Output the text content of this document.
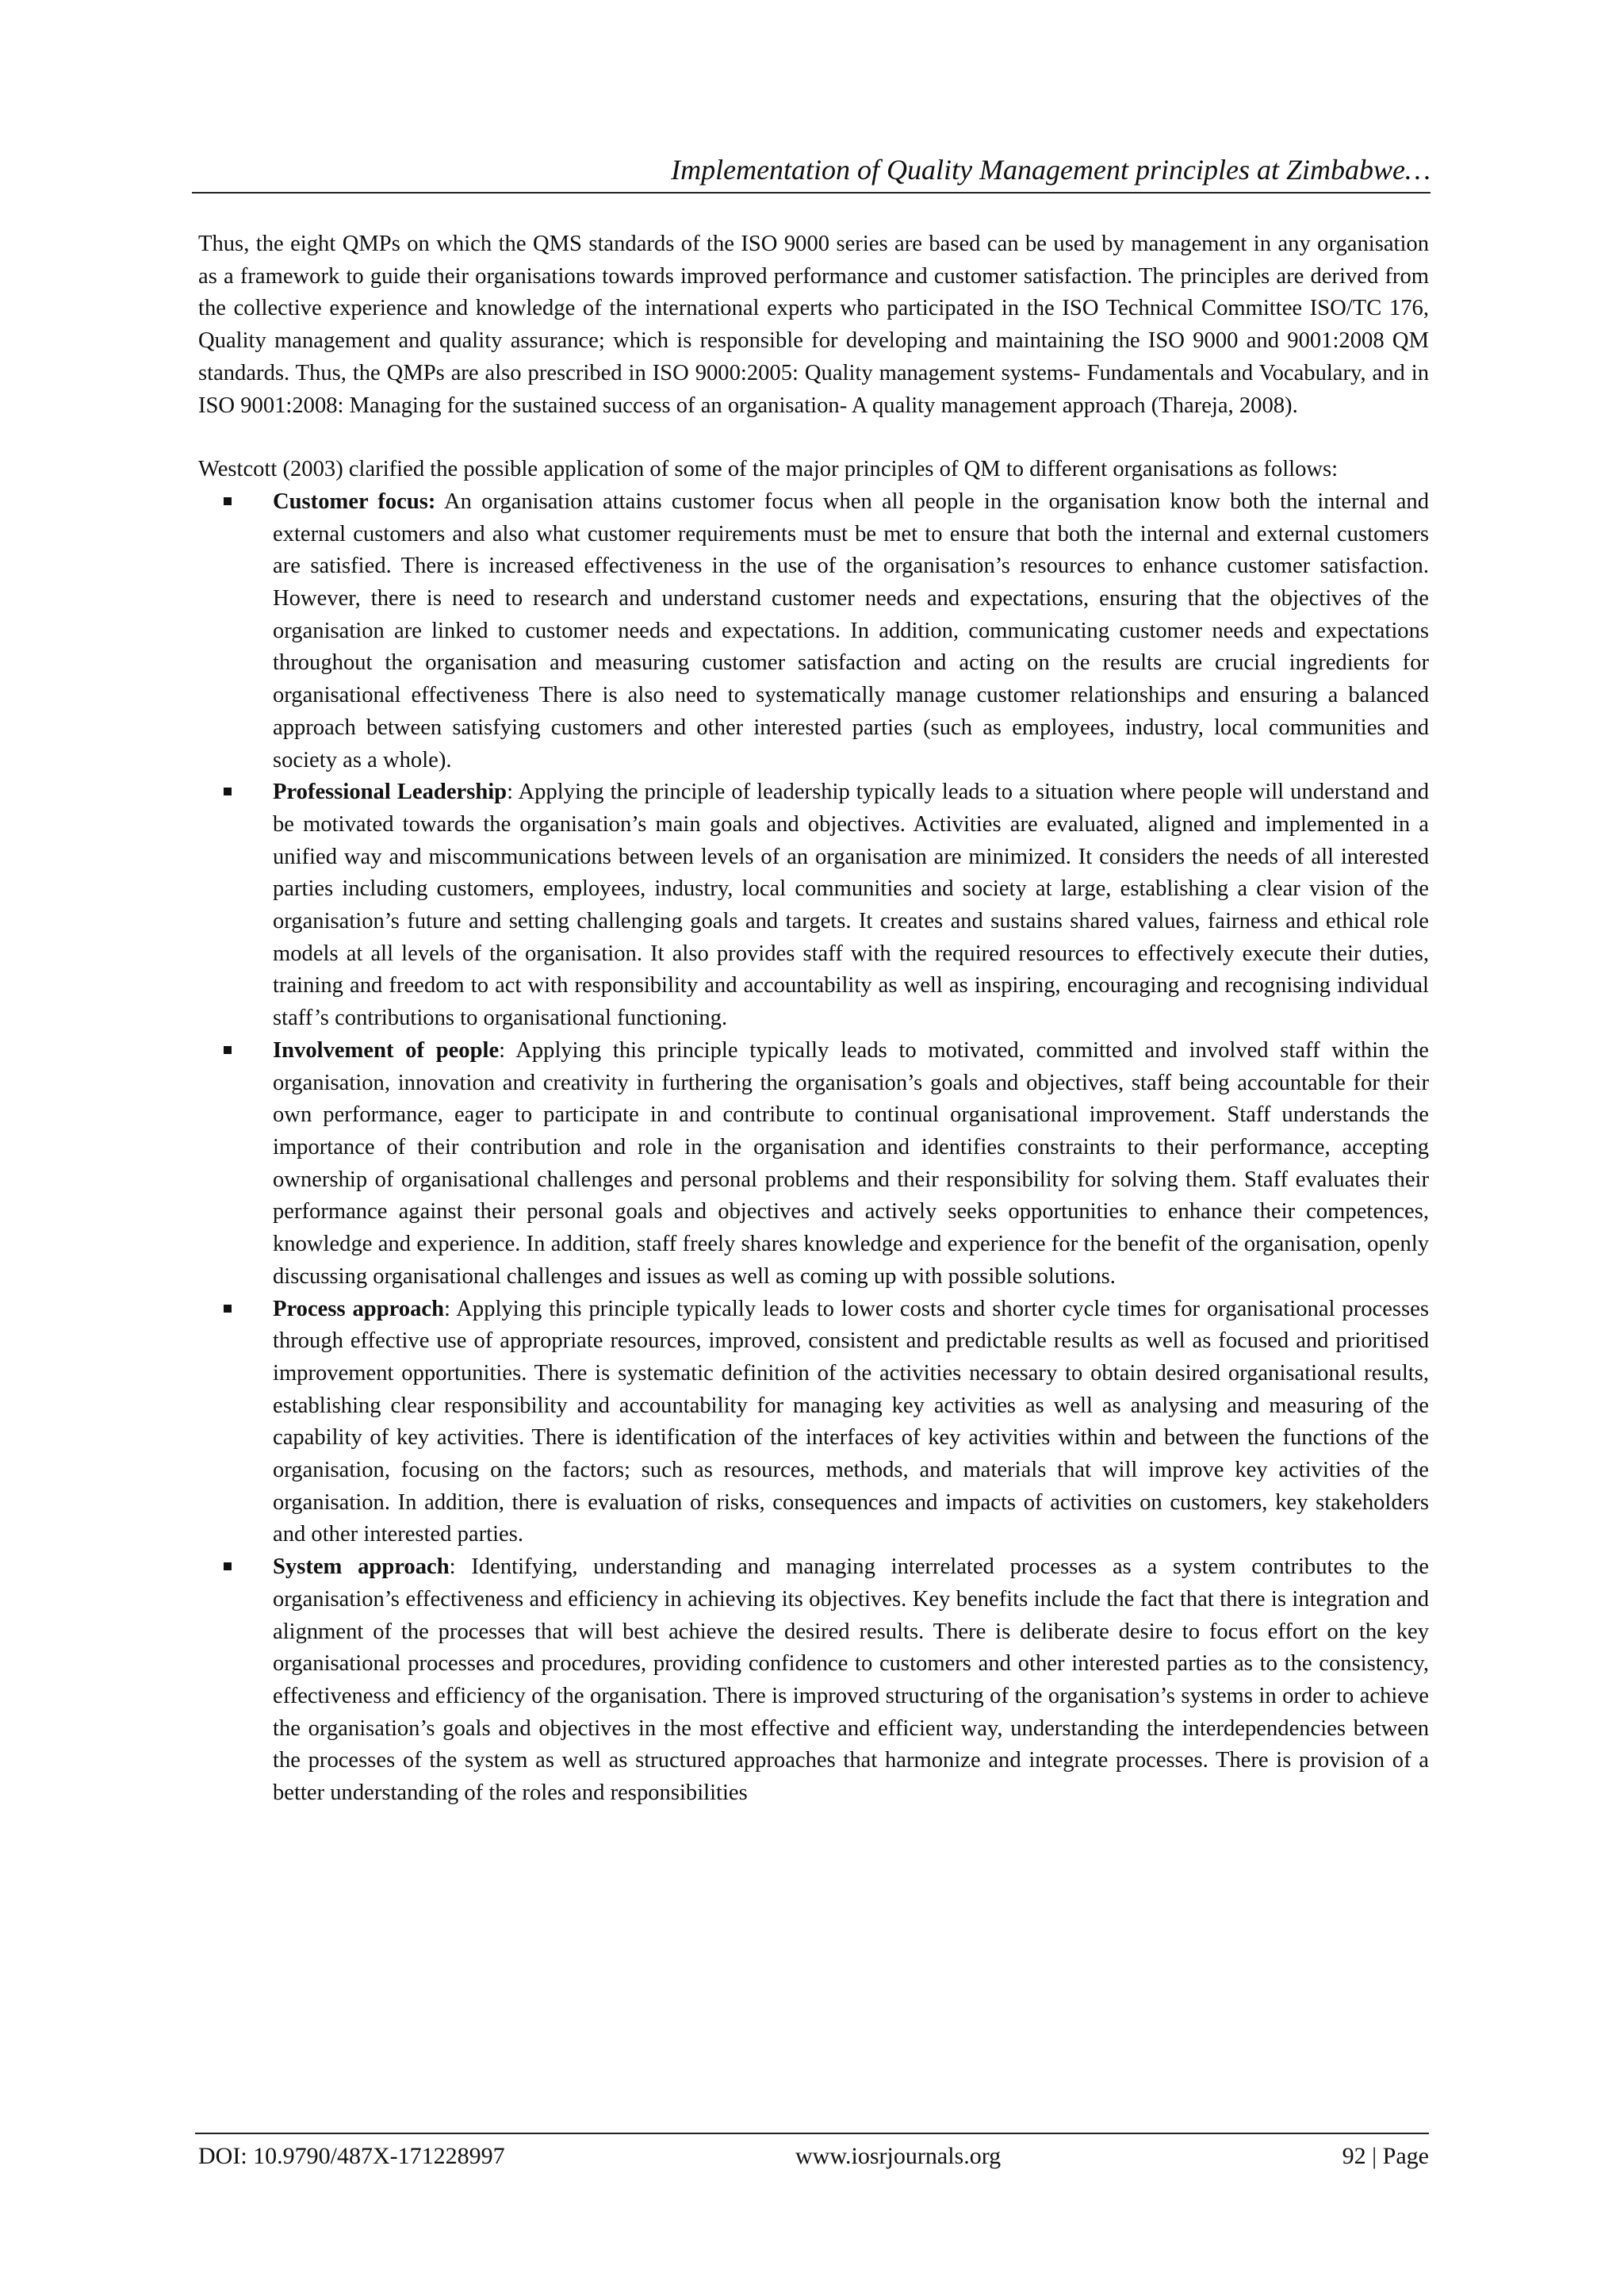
Implementation of Quality Management principles at Zimbabwe…

Thus, the eight QMPs on which the QMS standards of the ISO 9000 series are based can be used by management in any organisation as a framework to guide their organisations towards improved performance and customer satisfaction. The principles are derived from the collective experience and knowledge of the international experts who participated in the ISO Technical Committee ISO/TC 176, Quality management and quality assurance; which is responsible for developing and maintaining the ISO 9000 and 9001:2008 QM standards. Thus, the QMPs are also prescribed in ISO 9000:2005: Quality management systems- Fundamentals and Vocabulary, and in ISO 9001:2008: Managing for the sustained success of an organisation- A quality management approach (Thareja, 2008).

Westcott (2003) clarified the possible application of some of the major principles of QM to different organisations as follows:

Customer focus: An organisation attains customer focus when all people in the organisation know both the internal and external customers and also what customer requirements must be met to ensure that both the internal and external customers are satisfied. There is increased effectiveness in the use of the organisation’s resources to enhance customer satisfaction. However, there is need to research and understand customer needs and expectations, ensuring that the objectives of the organisation are linked to customer needs and expectations. In addition, communicating customer needs and expectations throughout the organisation and measuring customer satisfaction and acting on the results are crucial ingredients for organisational effectiveness There is also need to systematically manage customer relationships and ensuring a balanced approach between satisfying customers and other interested parties (such as employees, industry, local communities and society as a whole).
Professional Leadership: Applying the principle of leadership typically leads to a situation where people will understand and be motivated towards the organisation’s main goals and objectives. Activities are evaluated, aligned and implemented in a unified way and miscommunications between levels of an organisation are minimized. It considers the needs of all interested parties including customers, employees, industry, local communities and society at large, establishing a clear vision of the organisation’s future and setting challenging goals and targets. It creates and sustains shared values, fairness and ethical role models at all levels of the organisation. It also provides staff with the required resources to effectively execute their duties, training and freedom to act with responsibility and accountability as well as inspiring, encouraging and recognising individual staff’s contributions to organisational functioning.
Involvement of people: Applying this principle typically leads to motivated, committed and involved staff within the organisation, innovation and creativity in furthering the organisation’s goals and objectives, staff being accountable for their own performance, eager to participate in and contribute to continual organisational improvement. Staff understands the importance of their contribution and role in the organisation and identifies constraints to their performance, accepting ownership of organisational challenges and personal problems and their responsibility for solving them. Staff evaluates their performance against their personal goals and objectives and actively seeks opportunities to enhance their competences, knowledge and experience. In addition, staff freely shares knowledge and experience for the benefit of the organisation, openly discussing organisational challenges and issues as well as coming up with possible solutions.
Process approach: Applying this principle typically leads to lower costs and shorter cycle times for organisational processes through effective use of appropriate resources, improved, consistent and predictable results as well as focused and prioritised improvement opportunities. There is systematic definition of the activities necessary to obtain desired organisational results, establishing clear responsibility and accountability for managing key activities as well as analysing and measuring of the capability of key activities. There is identification of the interfaces of key activities within and between the functions of the organisation, focusing on the factors; such as resources, methods, and materials that will improve key activities of the organisation. In addition, there is evaluation of risks, consequences and impacts of activities on customers, key stakeholders and other interested parties.
System approach: Identifying, understanding and managing interrelated processes as a system contributes to the organisation’s effectiveness and efficiency in achieving its objectives. Key benefits include the fact that there is integration and alignment of the processes that will best achieve the desired results. There is deliberate desire to focus effort on the key organisational processes and procedures, providing confidence to customers and other interested parties as to the consistency, effectiveness and efficiency of the organisation. There is improved structuring of the organisation’s systems in order to achieve the organisation’s goals and objectives in the most effective and efficient way, understanding the interdependencies between the processes of the system as well as structured approaches that harmonize and integrate processes. There is provision of a better understanding of the roles and responsibilities
DOI: 10.9790/487X-171228997	www.iosrjournals.org	92 | Page
